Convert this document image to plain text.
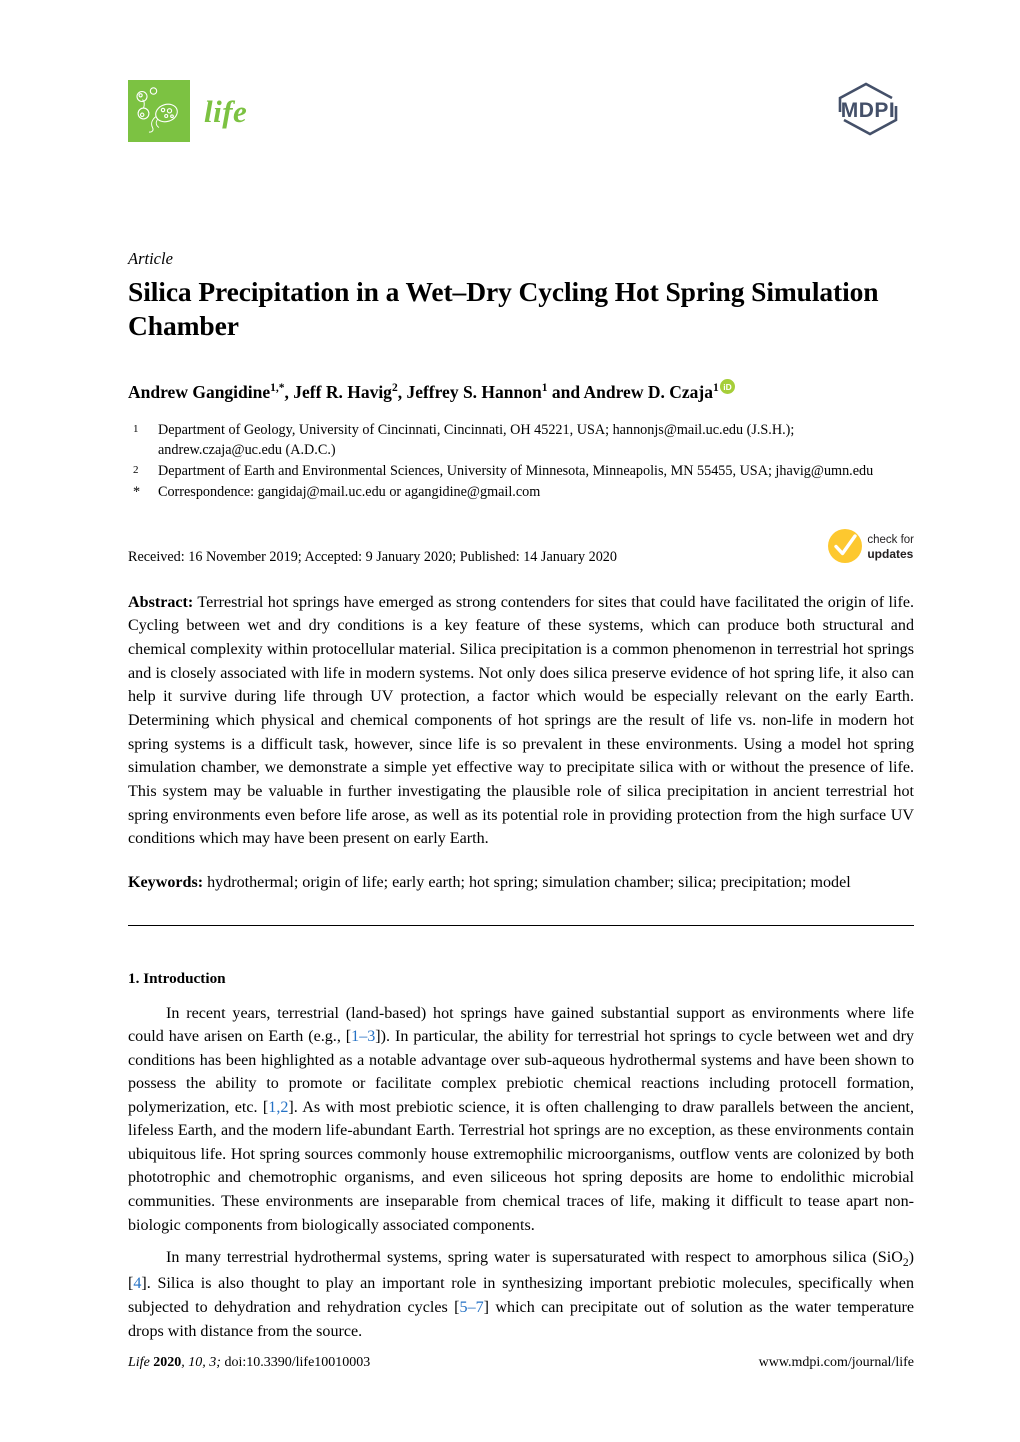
life	MDPI
Article
Silica Precipitation in a Wet–Dry Cycling Hot Spring Simulation Chamber
Andrew Gangidine$^{1,*}$, Jeff R. Havig$^2$, Jeffrey S. Hannon$^1$ and Andrew D. Czaja$^1$ iD
1	Department of Geology, University of Cincinnati, Cincinnati, OH 45221, USA; hannonjs@mail.uc.edu (J.S.H.); andrew.czaja@uc.edu (A.D.C.)
2	Department of Earth and Environmental Sciences, University of Minnesota, Minneapolis, MN 55455, USA; jhavig@umn.edu
*	Correspondence: gangidaj@mail.uc.edu or agangidine@gmail.com
Received: 16 November 2019; Accepted: 9 January 2020; Published: 14 January 2020
check for
updates
Abstract: Terrestrial hot springs have emerged as strong contenders for sites that could have facilitated the origin of life. Cycling between wet and dry conditions is a key feature of these systems, which can produce both structural and chemical complexity within protocellular material. Silica precipitation is a common phenomenon in terrestrial hot springs and is closely associated with life in modern systems. Not only does silica preserve evidence of hot spring life, it also can help it survive during life through UV protection, a factor which would be especially relevant on the early Earth. Determining which physical and chemical components of hot springs are the result of life vs. non-life in modern hot spring systems is a difficult task, however, since life is so prevalent in these environments. Using a model hot spring simulation chamber, we demonstrate a simple yet effective way to precipitate silica with or without the presence of life. This system may be valuable in further investigating the plausible role of silica precipitation in ancient terrestrial hot spring environments even before life arose, as well as its potential role in providing protection from the high surface UV conditions which may have been present on early Earth.
Keywords: hydrothermal; origin of life; early earth; hot spring; simulation chamber; silica; precipitation; model
1. Introduction

In recent years, terrestrial (land-based) hot springs have gained substantial support as environments where life could have arisen on Earth (e.g., [1–3]). In particular, the ability for terrestrial hot springs to cycle between wet and dry conditions has been highlighted as a notable advantage over sub-aqueous hydrothermal systems and have been shown to possess the ability to promote or facilitate complex prebiotic chemical reactions including protocell formation, polymerization, etc. [1,2]. As with most prebiotic science, it is often challenging to draw parallels between the ancient, lifeless Earth, and the modern life-abundant Earth. Terrestrial hot springs are no exception, as these environments contain ubiquitous life. Hot spring sources commonly house extremophilic microorganisms, outflow vents are colonized by both phototrophic and chemotrophic organisms, and even siliceous hot spring deposits are home to endolithic microbial communities. These environments are inseparable from chemical traces of life, making it difficult to tease apart non-biologic components from biologically associated components.

In many terrestrial hydrothermal systems, spring water is supersaturated with respect to amorphous silica (SiO$_2$) [4]. Silica is also thought to play an important role in synthesizing important prebiotic molecules, specifically when subjected to dehydration and rehydration cycles [5–7] which can precipitate out of solution as the water temperature drops with distance from the source.

Life 2020, 10, 3; doi:10.3390/life10010003	www.mdpi.com/journal/life
